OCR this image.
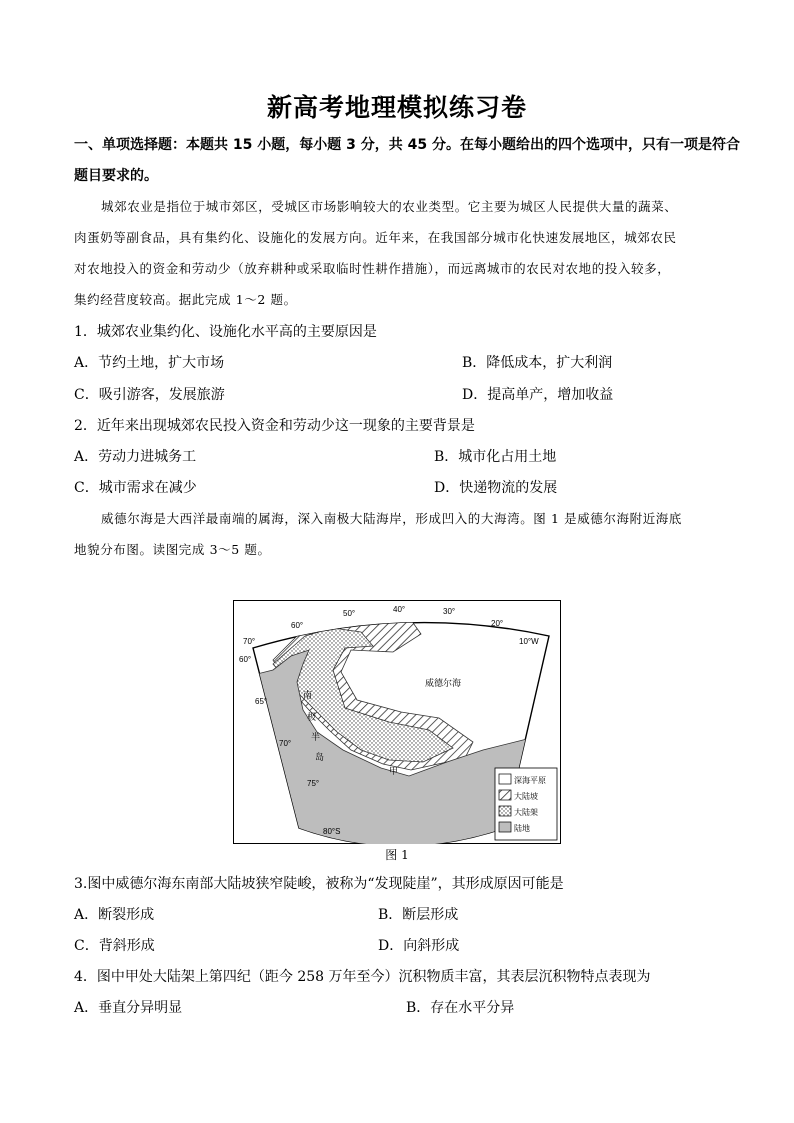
新高考地理模拟练习卷
一、单项选择题：本题共 15 小题，每小题 3 分，共 45 分。在每小题给出的四个选项中，只有一项是符合
题目要求的。
城郊农业是指位于城市郊区，受城区市场影响较大的农业类型。它主要为城区人民提供大量的蔬菜、
肉蛋奶等副食品，具有集约化、设施化的发展方向。近年来，在我国部分城市化快速发展地区，城郊农民
对农地投入的资金和劳动少（放弃耕种或采取临时性耕作措施），而远离城市的农民对农地的投入较多，
集约经营度较高。据此完成 1～2 题。
1．城郊农业集约化、设施化水平高的主要原因是
A．节约土地，扩大市场	B．降低成本，扩大利润
C．吸引游客，发展旅游	D．提高单产，增加收益
2．近年来出现城郊农民投入资金和劳动少这一现象的主要背景是
A．劳动力进城务工	B．城市化占用土地
C．城市需求在减少	D．快递物流的发展
威德尔海是大西洋最南端的属海，深入南极大陆海岸，形成凹入的大海湾。图 1 是威德尔海附近海底
地貌分布图。读图完成 3～5 题。
70°
60°
50°	40°	30°
20°
10°W
60°
65°
70°
75°
80°S
威德尔海
南
极
半
岛
甲
深海平原
大陆坡
大陆架
陆地
图 1
3.图中威德尔海东南部大陆坡狭窄陡峻，被称为“发现陡崖”，其形成原因可能是
A．断裂形成	B．断层形成
C．背斜形成	D．向斜形成
4．图中甲处大陆架上第四纪（距今 258 万年至今）沉积物质丰富，其表层沉积物特点表现为
A．垂直分异明显	B．存在水平分异
